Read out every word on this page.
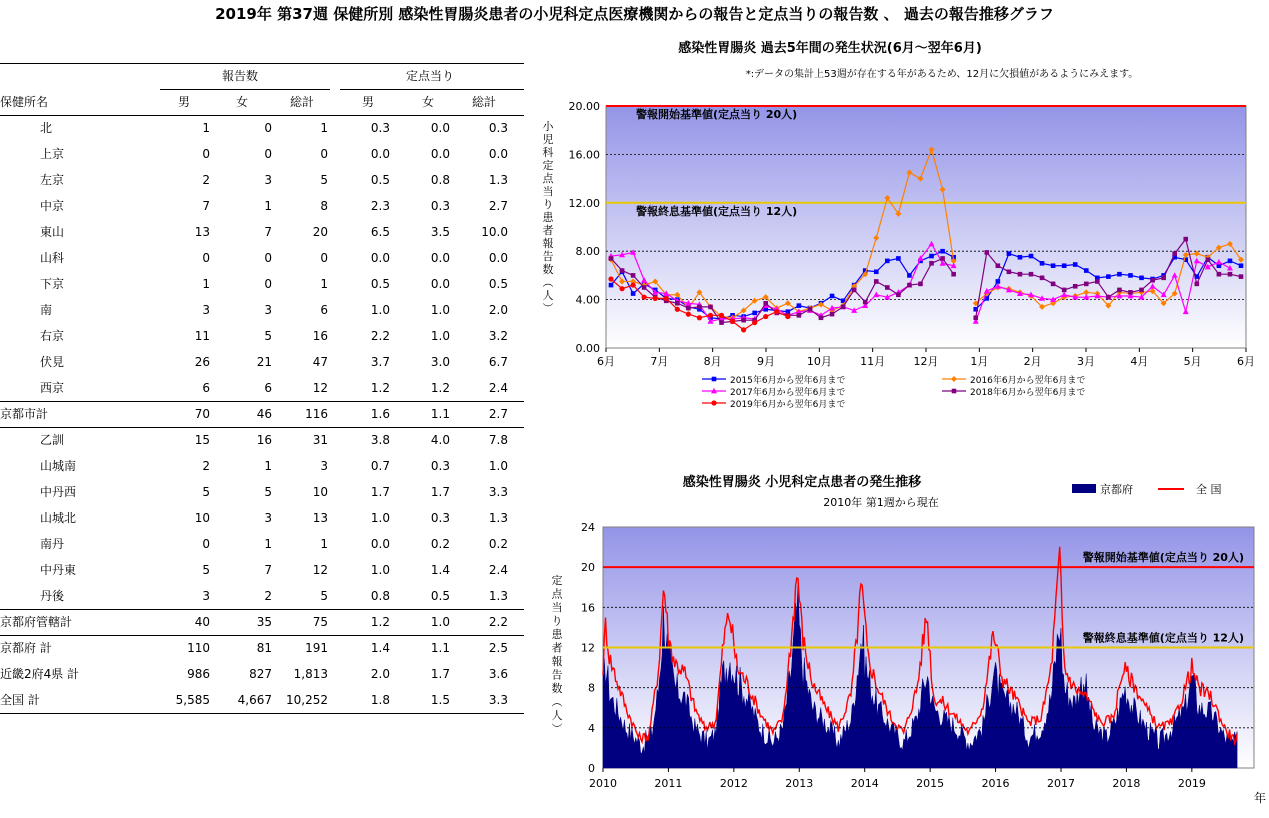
2019年 第37週 保健所別 感染性胃腸炎患者の小児科定点医療機関からの報告と定点当りの報告数 、 過去の報告推移グラフ
報告数	定点当り
保健所名	男	女	総計	男	女	総計
北	1	0	1	0.3	0.0	0.3
上京	0	0	0	0.0	0.0	0.0
左京	2	3	5	0.5	0.8	1.3
中京	7	1	8	2.3	0.3	2.7
東山	13	7	20	6.5	3.5	10.0
山科	0	0	0	0.0	0.0	0.0
下京	1	0	1	0.5	0.0	0.5
南	3	3	6	1.0	1.0	2.0
右京	11	5	16	2.2	1.0	3.2
伏見	26	21	47	3.7	3.0	6.7
西京	6	6	12	1.2	1.2	2.4
京都市計	70	46	116	1.6	1.1	2.7
乙訓	15	16	31	3.8	4.0	7.8
山城南	2	1	3	0.7	0.3	1.0
中丹西	5	5	10	1.7	1.7	3.3
山城北	10	3	13	1.0	0.3	1.3
南丹	0	1	1	0.0	0.2	0.2
中丹東	5	7	12	1.0	1.4	2.4
丹後	3	2	5	0.8	0.5	1.3
京都府管轄計	40	35	75	1.2	1.0	2.2
京都府 計	110	81	191	1.4	1.1	2.5
近畿2府4県 計	986	827	1,813	2.0	1.7	3.6
全国 計	5,585	4,667	10,252	1.8	1.5	3.3
感染性胃腸炎 過去5年間の発生状況(6月～翌年6月)
*:データの集計上53週が存在する年があるため、12月に欠損値があるようにみえます。
警報開始基準値(定点当り 20人)
警報終息基準値(定点当り 12人)
0.00
4.00
8.00
12.00
16.00
20.00
6月	7月	8月	9月	10月	11月	12月	1月	2月	3月	4月	5月	6月
小
児
科
定
点
当
り
患
者
報
告
数
︵
人
︶
2015年6月から翌年6月まで	2016年6月から翌年6月まで
2017年6月から翌年6月まで	2018年6月から翌年6月まで
2019年6月から翌年6月まで
感染性胃腸炎 小児科定点患者の発生推移
2010年 第1週から現在
京都府	全 国
警報開始基準値(定点当り 20人)
警報終息基準値(定点当り 12人)
0
4
8
12
16
20
24
2010	2011	2012	2013	2014	2015	2016	2017	2018	2019
定
点
当
り
患
者
報
告
数
︵
人
︶
年
